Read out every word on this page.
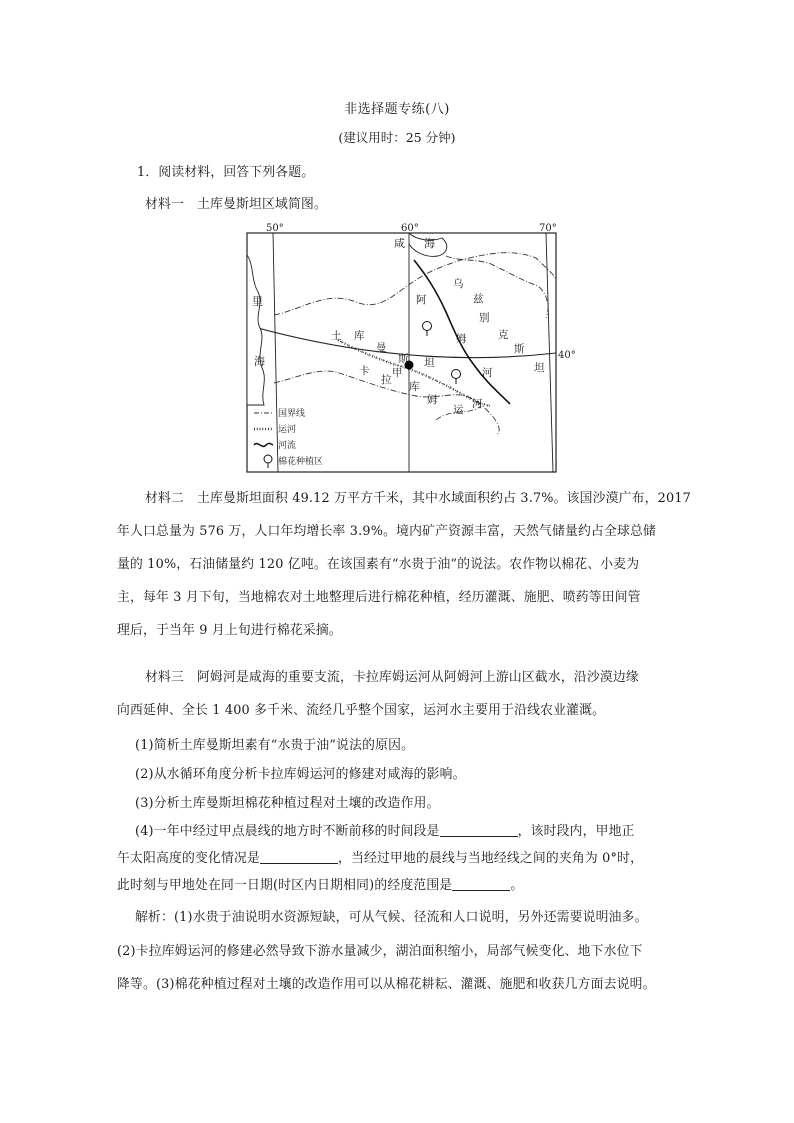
非选择题专练(八)
(建议用时：25 分钟)
1．阅读材料，回答下列各题。
材料一　土库曼斯坦区域简图。
50°	60°	70°
40°
里
海
咸 海
甲
乌
兹
别
克
斯
坦
土 库
曼
斯 坦
阿
姆
河
卡
拉
库
姆
运 河
国界线
运河
河流
棉花种植区
材料二　土库曼斯坦面积 49.12 万平方千米，其中水域面积约占 3.7%。该国沙漠广布，2017
年人口总量为 576 万，人口年均增长率 3.9%。境内矿产资源丰富，天然气储量约占全球总储
量的 10%，石油储量约 120 亿吨。在该国素有“水贵于油”的说法。农作物以棉花、小麦为
主，每年 3 月下旬，当地棉农对土地整理后进行棉花种植，经历灌溉、施肥、喷药等田间管
理后，于当年 9 月上旬进行棉花采摘。
材料三　阿姆河是咸海的重要支流，卡拉库姆运河从阿姆河上游山区截水，沿沙漠边缘
向西延伸、全长 1 400 多千米、流经几乎整个国家，运河水主要用于沿线农业灌溉。
(1)简析土库曼斯坦素有“水贵于油”说法的原因。
(2)从水循环角度分析卡拉库姆运河的修建对咸海的影响。
(3)分析土库曼斯坦棉花种植过程对土壤的改造作用。
(4)一年中经过甲点晨线的地方时不断前移的时间段是	，该时段内，甲地正
午太阳高度的变化情况是	，当经过甲地的晨线与当地经线之间的夹角为 0°时，
此时刻与甲地处在同一日期(时区内日期相同)的经度范围是	。
解析：(1)水贵于油说明水资源短缺，可从气候、径流和人口说明，另外还需要说明油多。
(2)卡拉库姆运河的修建必然导致下游水量减少，湖泊面积缩小，局部气候变化、地下水位下
降等。(3)棉花种植过程对土壤的改造作用可以从棉花耕耘、灌溉、施肥和收获几方面去说明。
